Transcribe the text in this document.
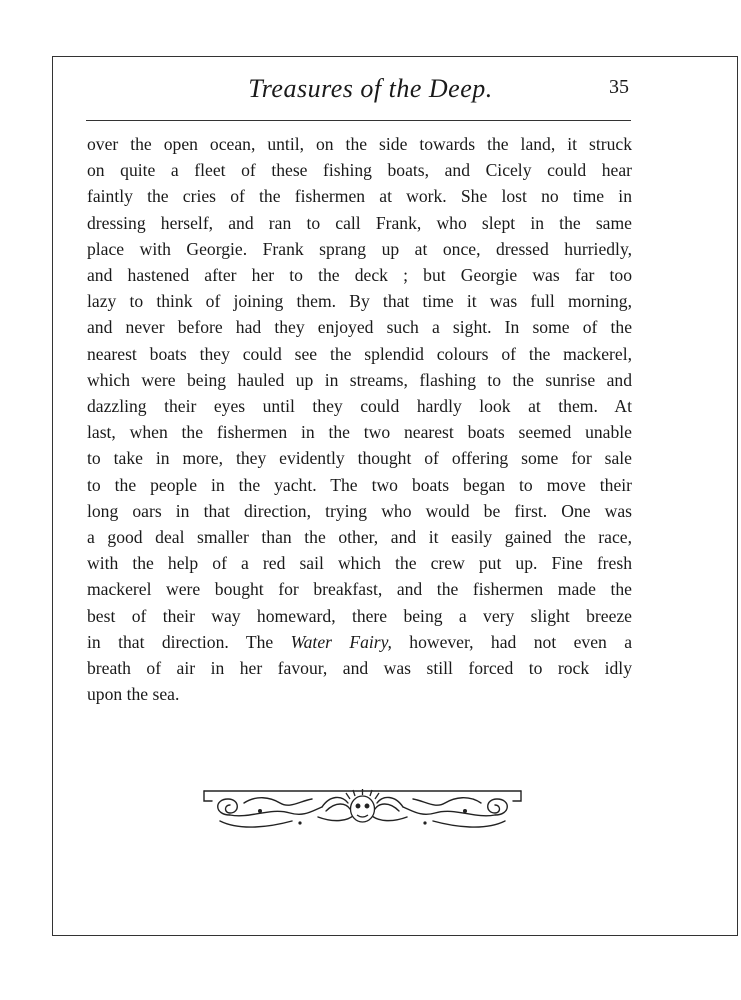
Treasures of the Deep.	35
over the open ocean, until, on the side towards the land, it struck
on quite a fleet of these fishing boats, and Cicely could hear
faintly the cries of the fishermen at work. She lost no time in
dressing herself, and ran to call Frank, who slept in the same
place with Georgie. Frank sprang up at once, dressed hurriedly,
and hastened after her to the deck ; but Georgie was far too
lazy to think of joining them. By that time it was full morning,
and never before had they enjoyed such a sight. In some of the
nearest boats they could see the splendid colours of the mackerel,
which were being hauled up in streams, flashing to the sunrise and
dazzling their eyes until they could hardly look at them. At
last, when the fishermen in the two nearest boats seemed unable
to take in more, they evidently thought of offering some for sale
to the people in the yacht. The two boats began to move their
long oars in that direction, trying who would be first. One was
a good deal smaller than the other, and it easily gained the race,
with the help of a red sail which the crew put up. Fine fresh
mackerel were bought for breakfast, and the fishermen made the
best of their way homeward, there being a very slight breeze
in that direction. The Water Fairy, however, had not even a
breath of air in her favour, and was still forced to rock idly
upon the sea.
